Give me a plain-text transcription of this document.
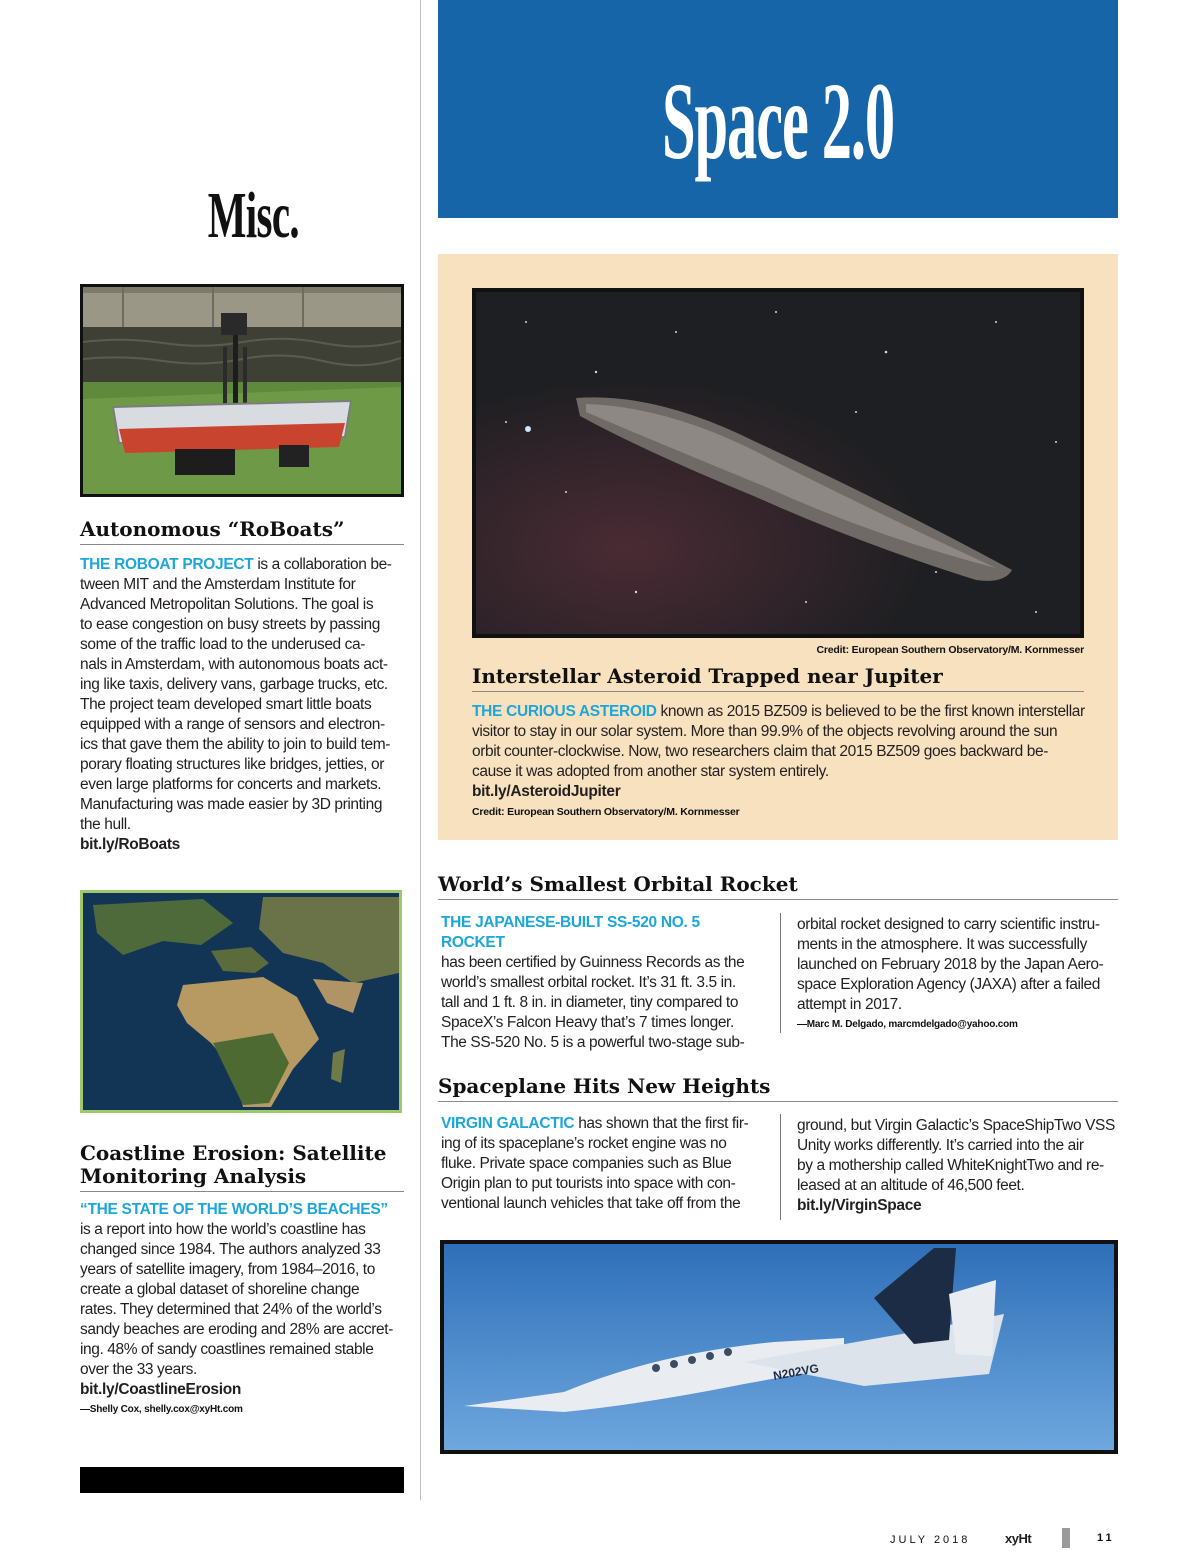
Misc.
Space 2.0
Autonomous “RoBoats”
THE ROBOAT PROJECT is a collaboration be-
tween MIT and the Amsterdam Institute for
Advanced Metropolitan Solutions. The goal is
to ease congestion on busy streets by passing
some of the traffic load to the underused ca-
nals in Amsterdam, with autonomous boats act-
ing like taxis, delivery vans, garbage trucks, etc.
The project team developed smart little boats
equipped with a range of sensors and electron-
ics that gave them the ability to join to build tem-
porary floating structures like bridges, jetties, or
even large platforms for concerts and markets.
Manufacturing was made easier by 3D printing
the hull.
bit.ly/RoBoats
Coastline Erosion: Satellite
Monitoring Analysis
“THE STATE OF THE WORLD’S BEACHES”
is a report into how the world’s coastline has
changed since 1984. The authors analyzed 33
years of satellite imagery, from 1984–2016, to
create a global dataset of shoreline change
rates. They determined that 24% of the world’s
sandy beaches are eroding and 28% are accret-
ing. 48% of sandy coastlines remained stable
over the 33 years.
bit.ly/CoastlineErosion
—Shelly Cox, shelly.cox@xyHt.com
Credit: European Southern Observatory/M. Kornmesser
Interstellar Asteroid Trapped near Jupiter
THE CURIOUS ASTEROID known as 2015 BZ509 is believed to be the first known interstellar
visitor to stay in our solar system. More than 99.9% of the objects revolving around the sun
orbit counter-clockwise. Now, two researchers claim that 2015 BZ509 goes backward be-
cause it was adopted from another star system entirely.
bit.ly/AsteroidJupiter
Credit: European Southern Observatory/M. Kornmesser
World’s Smallest Orbital Rocket
THE JAPANESE-BUILT SS-520 NO. 5 ROCKET
has been certified by Guinness Records as the
world’s smallest orbital rocket. It’s 31 ft. 3.5 in.
tall and 1 ft. 8 in. in diameter, tiny compared to
SpaceX’s Falcon Heavy that’s 7 times longer.
The SS-520 No. 5 is a powerful two-stage sub-
orbital rocket designed to carry scientific instru-
ments in the atmosphere. It was successfully
launched on February 2018 by the Japan Aero-
space Exploration Agency (JAXA) after a failed
attempt in 2017.
—Marc M. Delgado, marcmdelgado@yahoo.com
Spaceplane Hits New Heights
VIRGIN GALACTIC has shown that the first fir-
ing of its spaceplane’s rocket engine was no
fluke. Private space companies such as Blue
Origin plan to put tourists into space with con-
ventional launch vehicles that take off from the
ground, but Virgin Galactic’s SpaceShipTwo VSS
Unity works differently. It’s carried into the air
by a mothership called WhiteKnightTwo and re-
leased at an altitude of 46,500 feet.
bit.ly/VirginSpace
N202VG
JULY 2018	xyHt	11
